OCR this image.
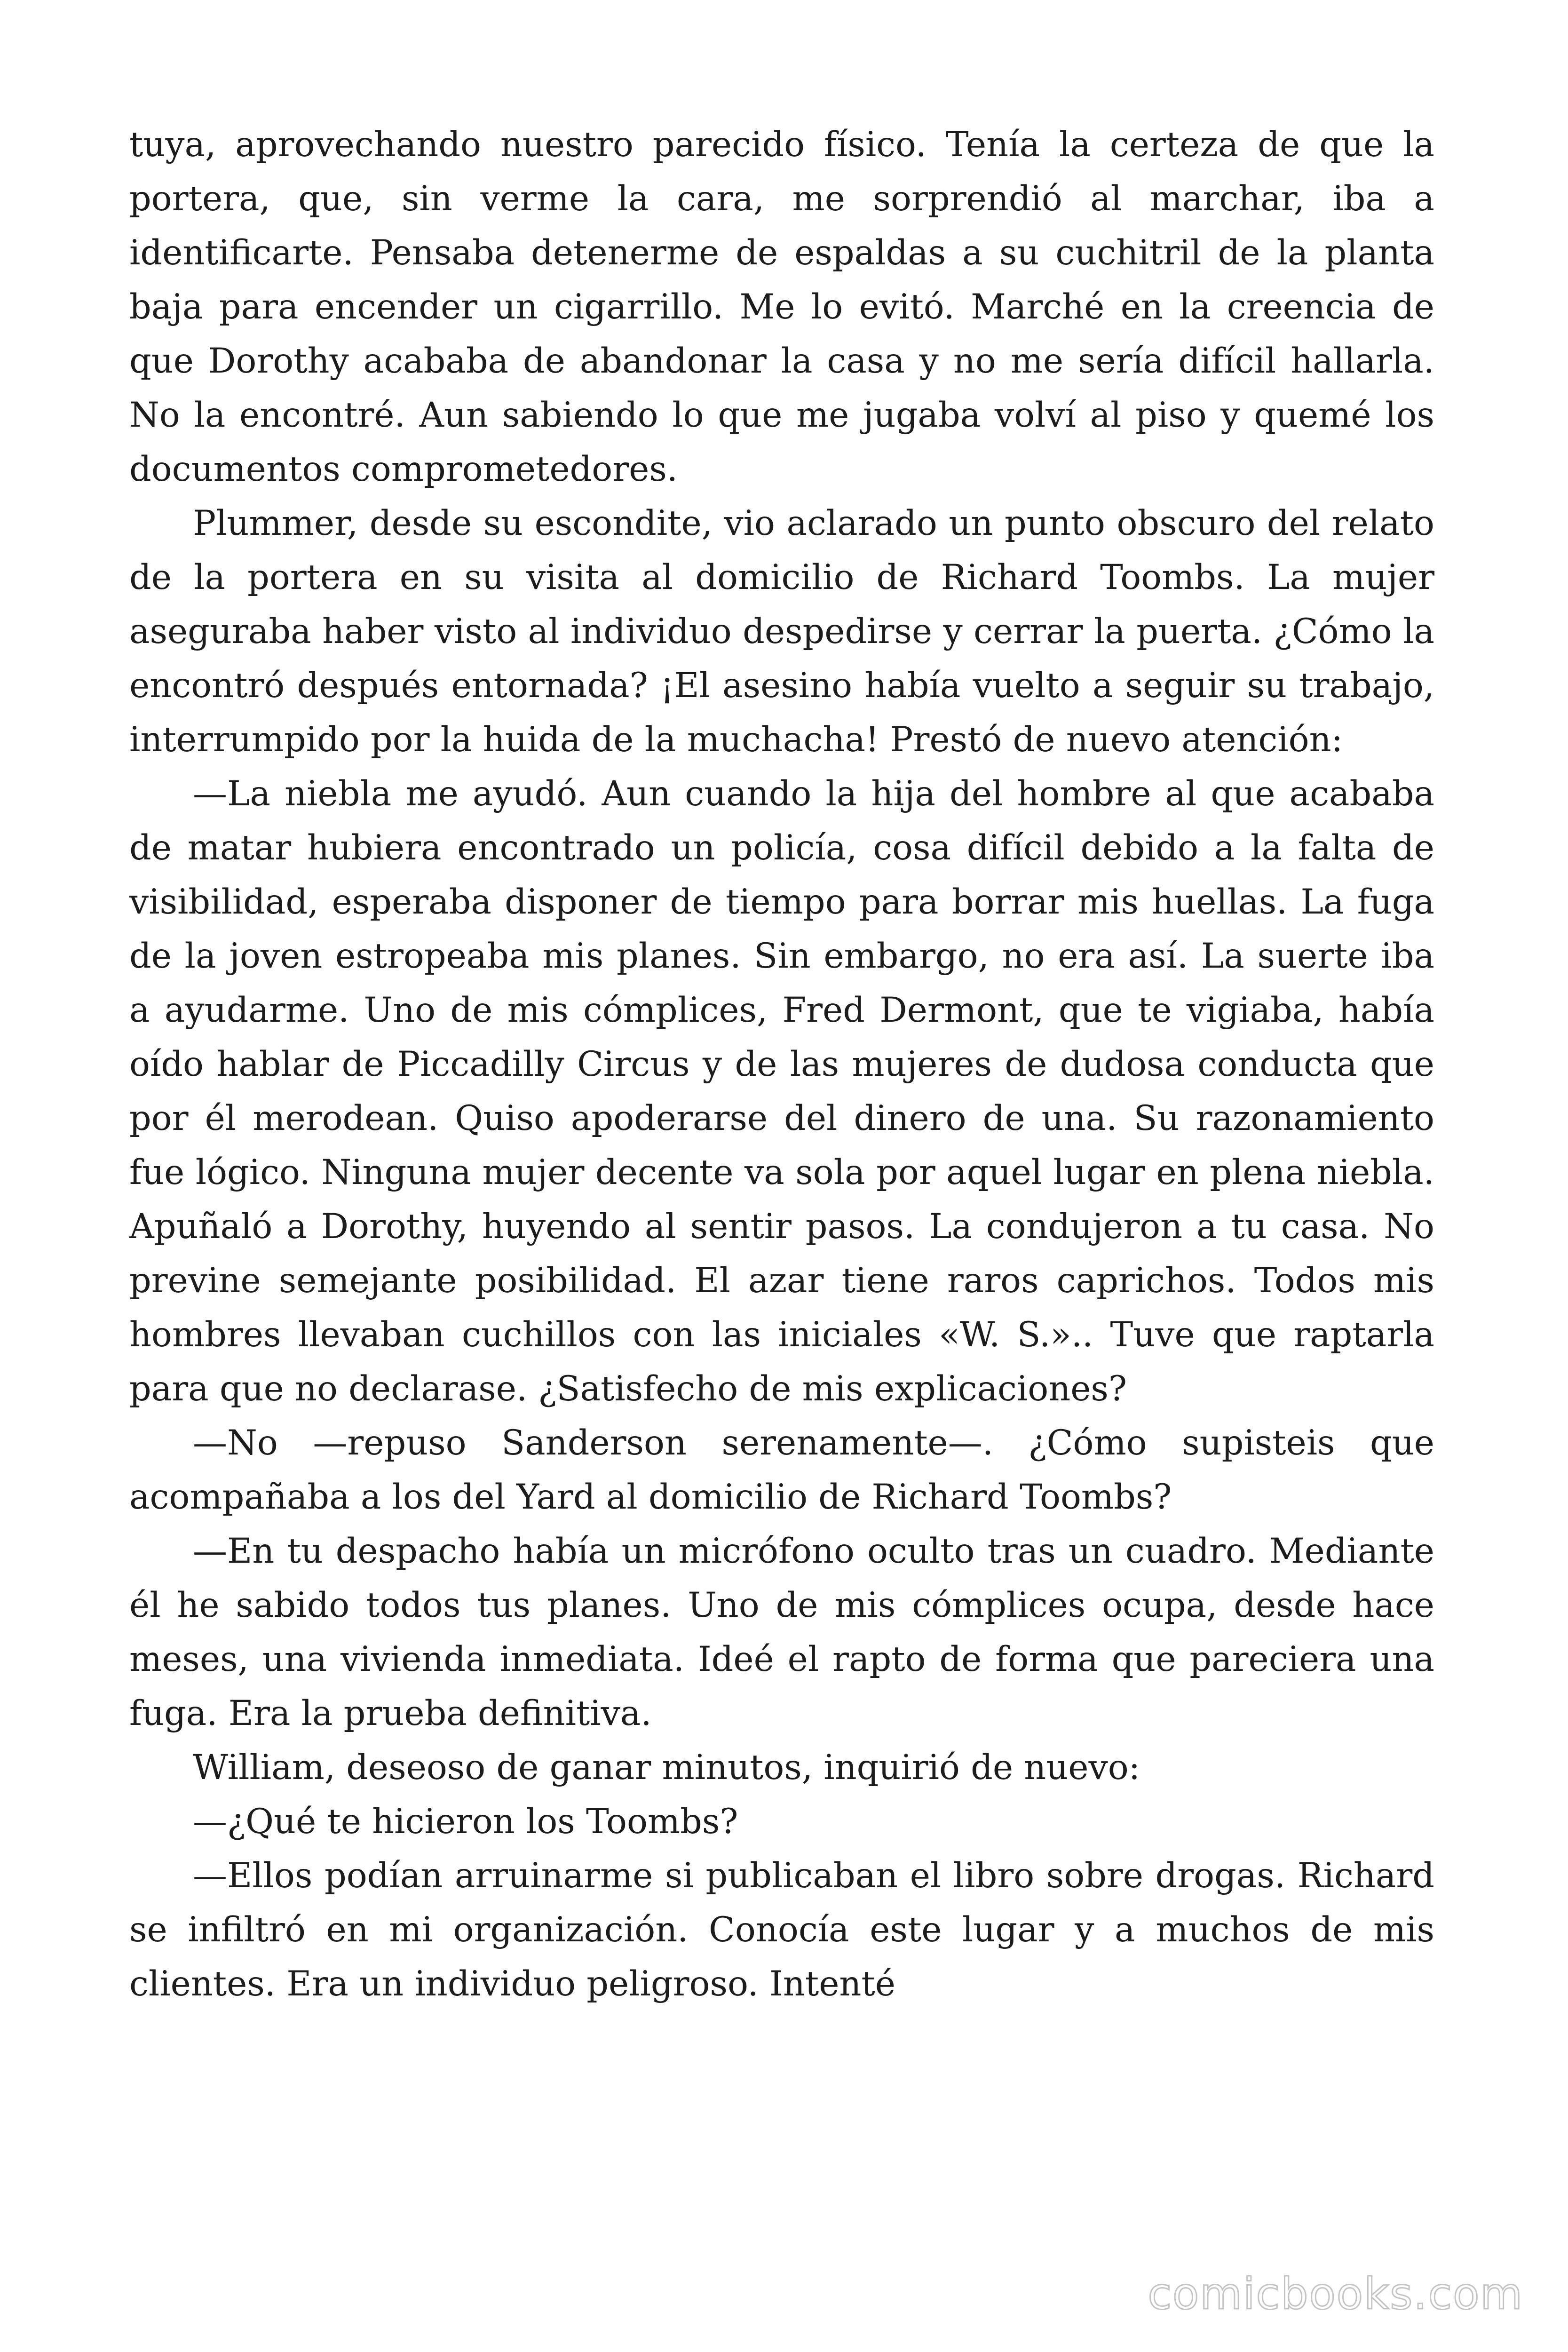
tuya, aprovechando nuestro parecido físico. Tenía la certeza de que la portera, que, sin verme la cara, me sorprendió al marchar, iba a identificarte. Pensaba detenerme de espaldas a su cuchitril de la planta baja para encender un cigarrillo. Me lo evitó. Marché en la creencia de que Dorothy acababa de abandonar la casa y no me sería difícil hallarla. No la encontré. Aun sabiendo lo que me jugaba volví al piso y quemé los documentos comprometedores.

Plummer, desde su escondite, vio aclarado un punto obscuro del relato de la portera en su visita al domicilio de Richard Toombs. La mujer aseguraba haber visto al individuo despedirse y cerrar la puerta. ¿Cómo la encontró después entornada? ¡El asesino había vuelto a seguir su trabajo, interrumpido por la huida de la muchacha! Prestó de nuevo atención:

—La niebla me ayudó. Aun cuando la hija del hombre al que acababa de matar hubiera encontrado un policía, cosa difícil debido a la falta de visibilidad, esperaba disponer de tiempo para borrar mis huellas. La fuga de la joven estropeaba mis planes. Sin embargo, no era así. La suerte iba a ayudarme. Uno de mis cómplices, Fred Dermont, que te vigiaba, había oído hablar de Piccadilly Circus y de las mujeres de dudosa conducta que por él merodean. Quiso apoderarse del dinero de una. Su razonamiento fue lógico. Ninguna mujer decente va sola por aquel lugar en plena niebla. Apuñaló a Dorothy, huyendo al sentir pasos. La condujeron a tu casa. No previne semejante posibilidad. El azar tiene raros caprichos. Todos mis hombres llevaban cuchillos con las iniciales «W. S.».. Tuve que raptarla para que no declarase. ¿Satisfecho de mis explicaciones?

—No —repuso Sanderson serenamente—. ¿Cómo supisteis que acompañaba a los del Yard al domicilio de Richard Toombs?

—En tu despacho había un micrófono oculto tras un cuadro. Mediante él he sabido todos tus planes. Uno de mis cómplices ocupa, desde hace meses, una vivienda inmediata. Ideé el rapto de forma que pareciera una fuga. Era la prueba definitiva.

William, deseoso de ganar minutos, inquirió de nuevo:

—¿Qué te hicieron los Toombs?

—Ellos podían arruinarme si publicaban el libro sobre drogas. Richard se infiltró en mi organización. Conocía este lugar y a muchos de mis clientes. Era un individuo peligroso. Intenté

comicbooks.com
